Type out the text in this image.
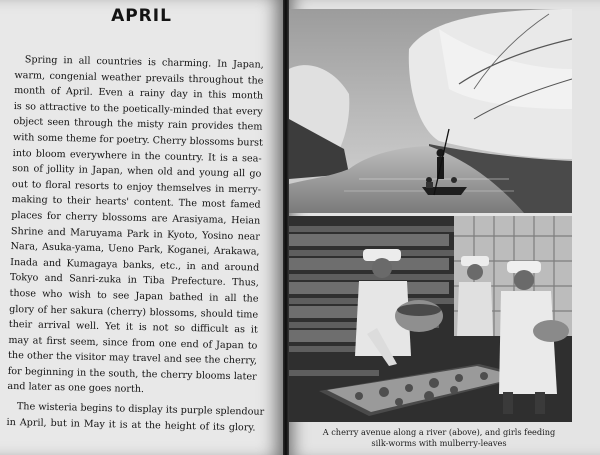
APRIL
Spring in all countries is charming. In Japan,
warm, congenial weather prevails throughout the
month of April. Even a rainy day in this month
is so attractive to the poetically-minded that every
object seen through the misty rain provides them
with some theme for poetry. Cherry blossoms burst
into bloom everywhere in the country. It is a sea-
son of jollity in Japan, when old and young all go
out to floral resorts to enjoy themselves in merry-
making to their hearts' content. The most famed
places for cherry blossoms are Arasiyama, Heian
Shrine and Maruyama Park in Kyoto, Yosino near
Nara, Asuka-yama, Ueno Park, Koganei, Arakawa,
Inada and Kumagaya banks, etc., in and around
Tokyo and Sanri-zuka in Tiba Prefecture. Thus,
those who wish to see Japan bathed in all the
glory of her sakura (cherry) blossoms, should time
their arrival well. Yet it is not so difficult as it
may at first seem, since from one end of Japan to
the other the visitor may travel and see the cherry,
for beginning in the south, the cherry blooms later
and later as one goes north.
The wisteria begins to display its purple splendour
in April, but in May it is at the height of its glory.	A cherry avenue along a river (above), and girls feeding
silk-worms with mulberry-leaves
